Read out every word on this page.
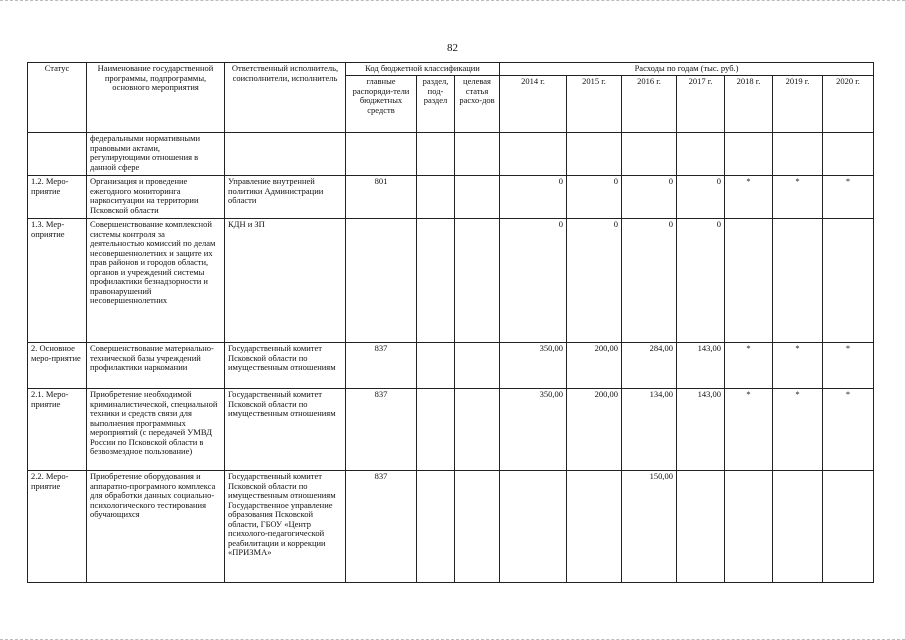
82
Статус	Наименование государственной программы, подпрограммы, основного мероприятия	Ответственный исполнитель, соисполнители, исполнитель	Код бюджетной классификации			Расходы по годам (тыс. руб.)						
			главные распоряди-тели бюджетных средств	раздел, под-раздел	целевая статья расхо-дов	2014 г.	2015 г.	2016 г.	2017 г.	2018 г.	2019 г.	2020 г.
	федеральными нормативными правовыми актами, регулирующими отношения в данной сфере											
1.2. Меро-приятие	Организация и проведение ежегодного мониторинга наркоситуации на территории Псковской области	Управление внутренней политики Администрации области	801			0	0	0	0	*	*	*
1.3. Мер-оприятие	Совершенствование комплексной системы контроля за деятельностью комиссий по делам несовершеннолетних и защите их прав районов и городов области, органов и учреждений системы профилактики безнадзорности и правонарушений несовершеннолетних	КДН и ЗП				0	0	0	0			
2. Основное меро-приятие	Совершенствование материально-технической базы учреждений профилактики наркомании	Государственный комитет Псковской области по имущественным отношениям	837			350,00	200,00	284,00	143,00	*	*	*
2.1. Меро-приятие	Приобретение необходимой криминалистической, специальной техники и средств связи для выполнения программных мероприятий (с передачей УМВД России по Псковской области в безвозмездное пользование)	Государственный комитет Псковской области по имущественным отношениям	837			350,00	200,00	134,00	143,00	*	*	*
2.2. Меро-приятие	Приобретение оборудования и аппаратно-програмного комплекса для обработки данных социально-психологического тестирования обучающихся	Государственный комитет Псковской области по имущественным отношениям Государственное управление образования Псковской области, ГБОУ «Центр психолого-педагогической реабилитации и коррекции «ПРИЗМА»	837					150,00				
